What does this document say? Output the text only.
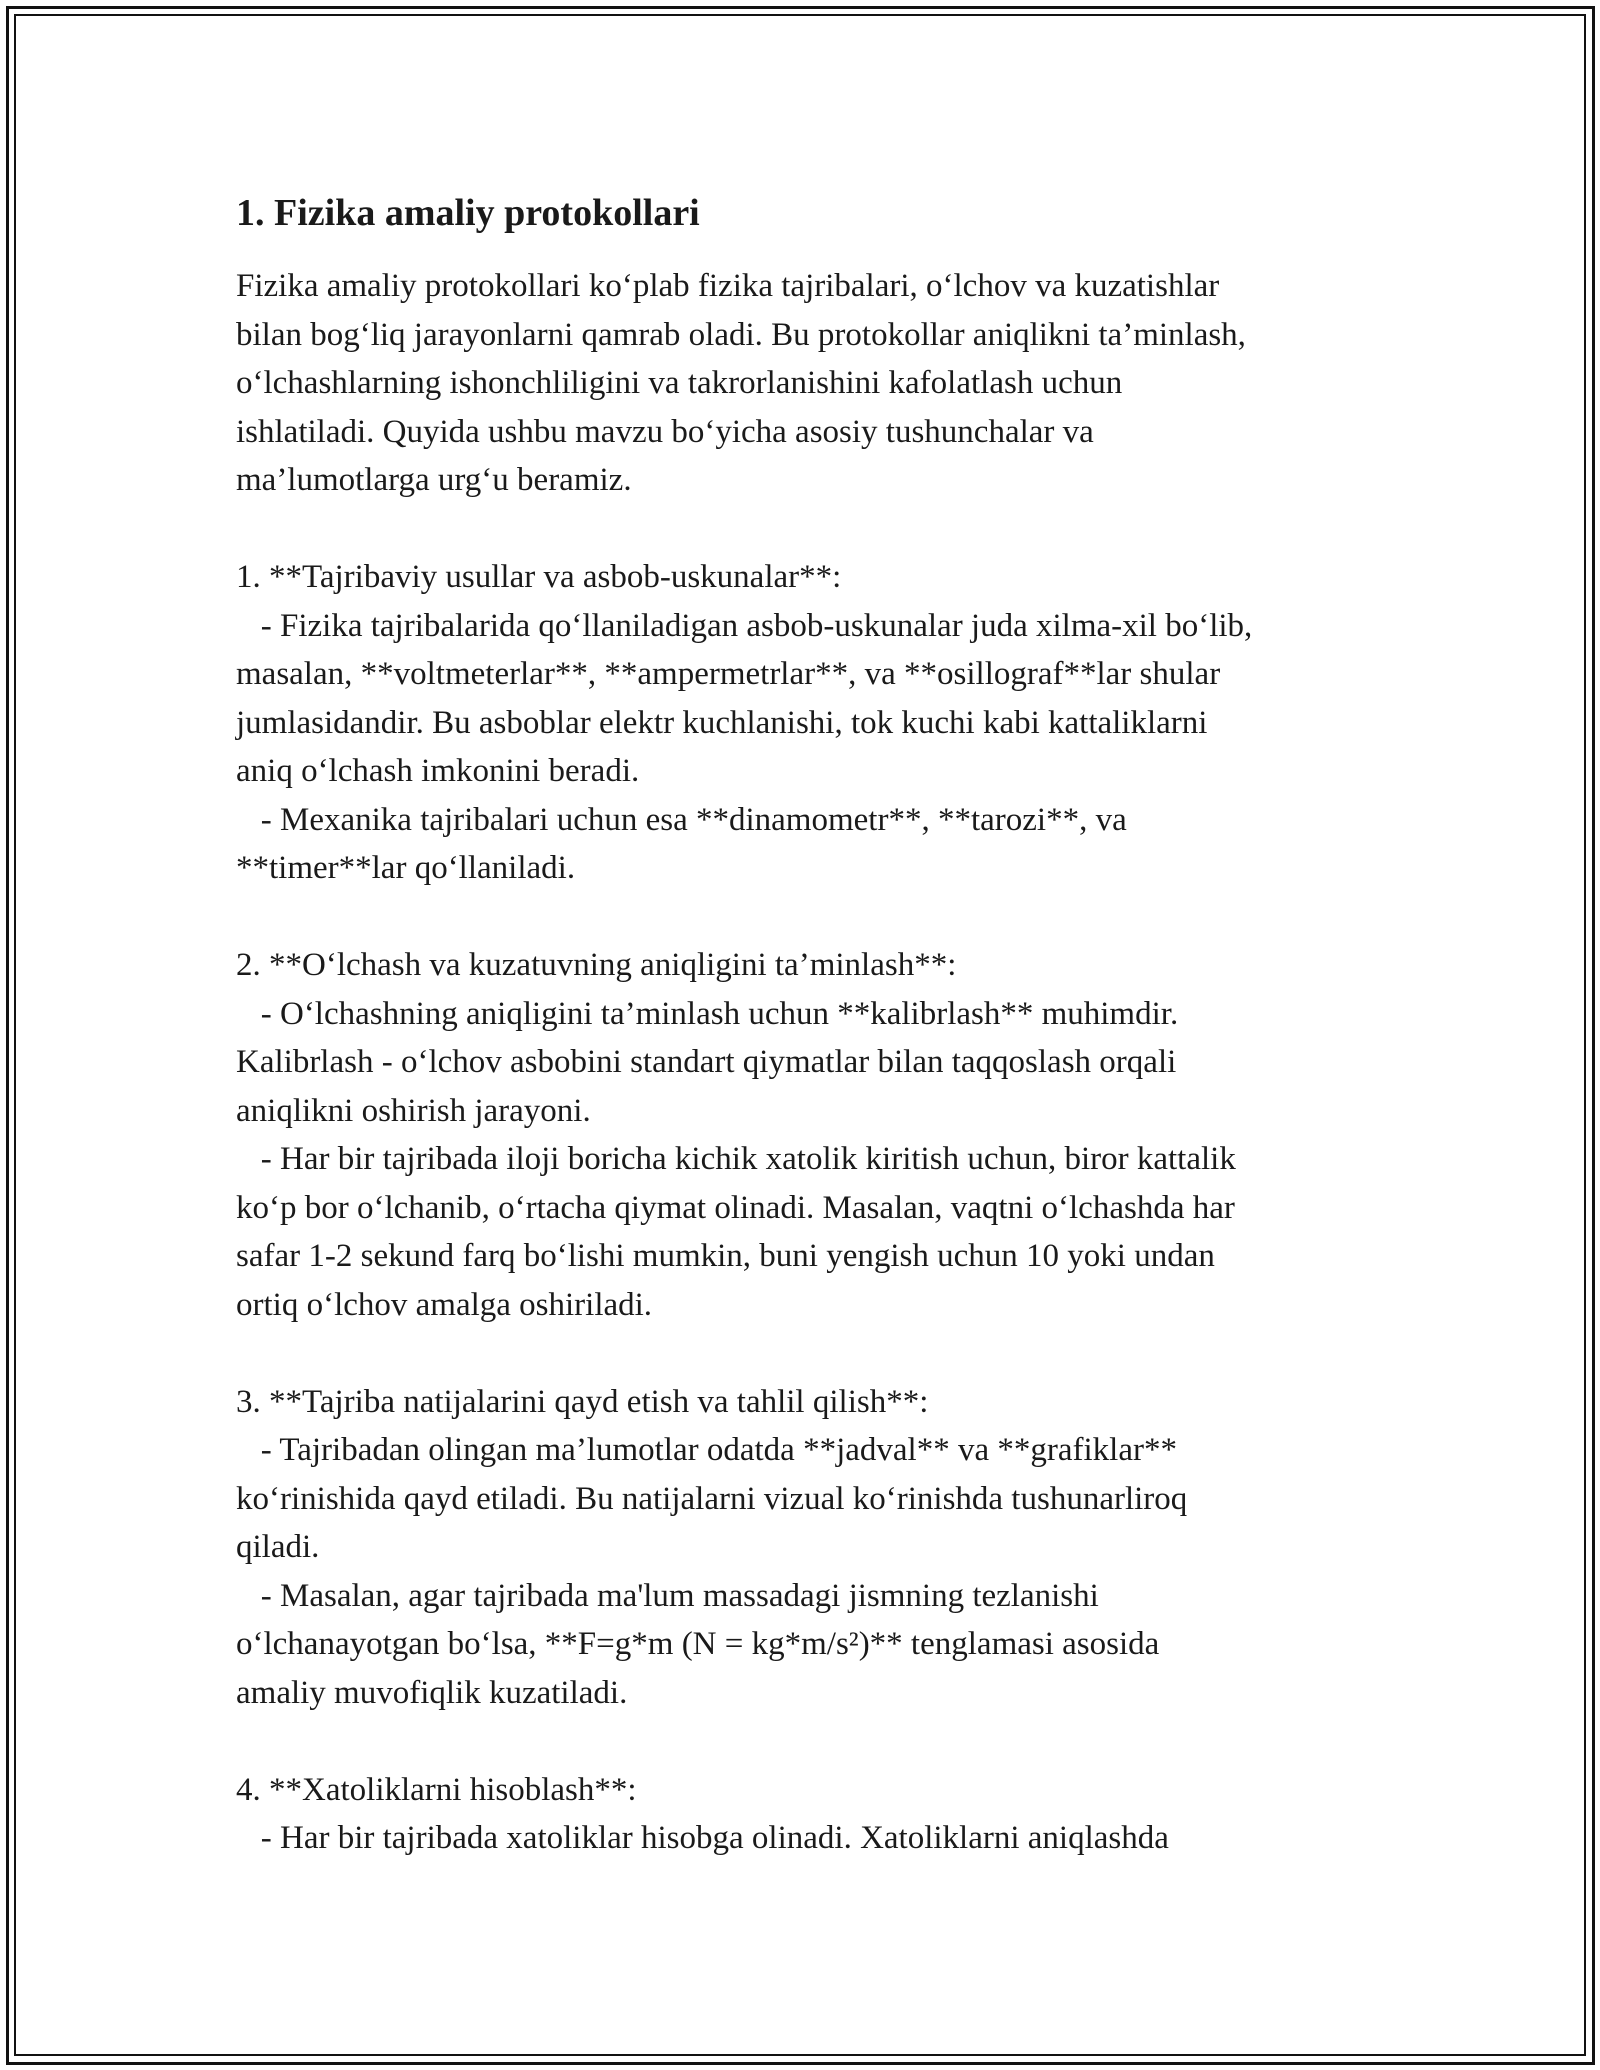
1. Fizika amaliy protokollari

Fizika amaliy protokollari ko‘plab fizika tajribalari, o‘lchov va kuzatishlar
bilan bog‘liq jarayonlarni qamrab oladi. Bu protokollar aniqlikni ta’minlash,
o‘lchashlarning ishonchliligini va takrorlanishini kafolatlash uchun
ishlatiladi. Quyida ushbu mavzu bo‘yicha asosiy tushunchalar va
ma’lumotlarga urg‘u beramiz.

1. **Tajribaviy usullar va asbob-uskunalar**:
- Fizika tajribalarida qo‘llaniladigan asbob-uskunalar juda xilma-xil bo‘lib,
masalan, **voltmeterlar**, **ampermetrlar**, va **osillograf**lar shular
jumlasidandir. Bu asboblar elektr kuchlanishi, tok kuchi kabi kattaliklarni
aniq o‘lchash imkonini beradi.
- Mexanika tajribalari uchun esa **dinamometr**, **tarozi**, va
**timer**lar qo‘llaniladi.

2. **O‘lchash va kuzatuvning aniqligini ta’minlash**:
- O‘lchashning aniqligini ta’minlash uchun **kalibrlash** muhimdir.
Kalibrlash - o‘lchov asbobini standart qiymatlar bilan taqqoslash orqali
aniqlikni oshirish jarayoni.
- Har bir tajribada iloji boricha kichik xatolik kiritish uchun, biror kattalik
ko‘p bor o‘lchanib, o‘rtacha qiymat olinadi. Masalan, vaqtni o‘lchashda har
safar 1-2 sekund farq bo‘lishi mumkin, buni yengish uchun 10 yoki undan
ortiq o‘lchov amalga oshiriladi.

3. **Tajriba natijalarini qayd etish va tahlil qilish**:
- Tajribadan olingan ma’lumotlar odatda **jadval** va **grafiklar**
ko‘rinishida qayd etiladi. Bu natijalarni vizual ko‘rinishda tushunarliroq
qiladi.
- Masalan, agar tajribada ma'lum massadagi jismning tezlanishi
o‘lchanayotgan bo‘lsa, **F=g*m (N = kg*m/s²)** tenglamasi asosida
amaliy muvofiqlik kuzatiladi.

4. **Xatoliklarni hisoblash**:
- Har bir tajribada xatoliklar hisobga olinadi. Xatoliklarni aniqlashda
